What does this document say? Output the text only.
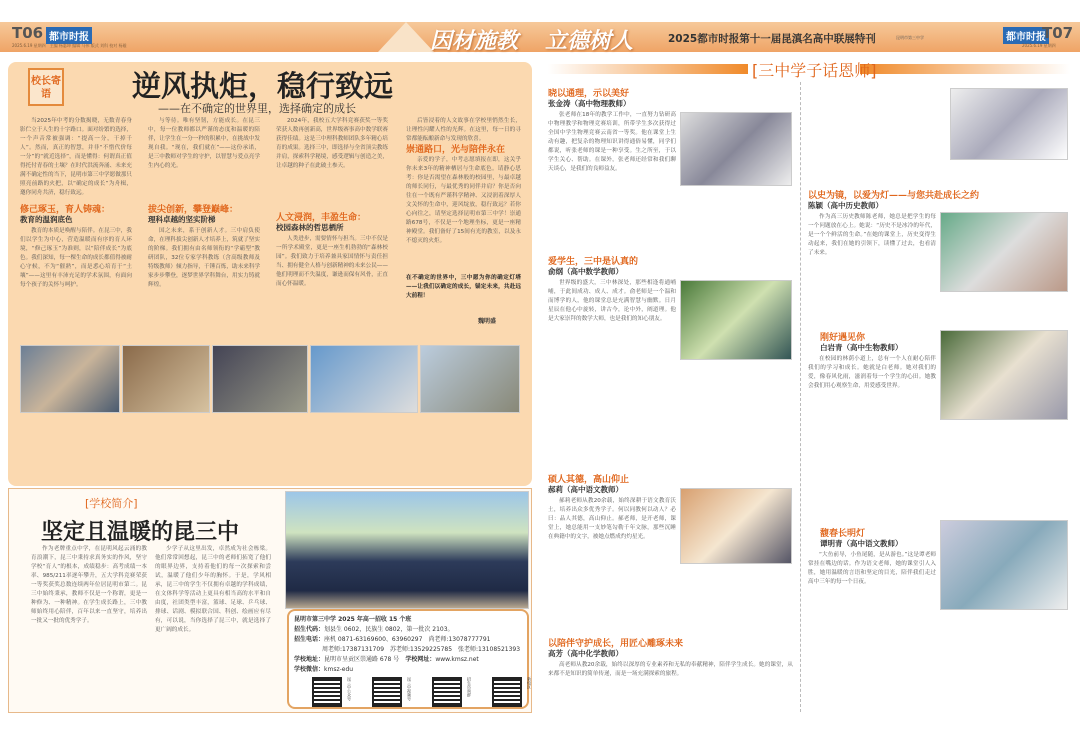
T06 都市时报
2025.6.19 星期四　 主编 杨惠坤 编辑 马伟 版式 刘科 校对 杨璇	因材施教 立德树人	2025都市时报第十一届昆滇名高中联展特刊	昆明市第三中学	都市时报
T07
2025.6.19 星期四
校长寄语	逆风执炬，稳行致远
——在不确定的世界里，选择确定的成长
当2025年中考的分数揭晓，无数青春身影伫立于人生的十字路口。面对纷繁的选择，一个声音常被强调：“提高一分，干掉千人”。然而，真正的智慧，并非“不惜代价每一分”的“就近选择”，而是懂得：何谓真正值得托付青春的土壤？在时代洪流奔涌、未来充满不确定性的当下，昆明市第三中学愿做那只照亮前路的火把，以“确定的成长”为舟楫，邀你同舟共济，稳行致远。
修己琢玉，育人铸魂：
教育的温润底色
教育的本质是唤醒与陪伴。在昆三中，我们以学生为中心，营造温暖而有序的育人环境，“修己琢玉”为准则，以“陪伴成长”为底色。我们深知，每一棵生命的成长都值得被耐心守候，不为“催熟”，而是悉心培育于“土壤”——这里有丰沛充足的学术氛围，有面向每个孩子的关怀与呵护。
与等待。唯有坚韧，方能成长。在昆三中，每一位教师都以严谨的态度和温暖的陪伴，让学生在一分一秒的积累中，在挑战中发现自我。“现在，我们就在”——这份承诺，是三中教师对学生的守护，以智慧与爱点亮学生内心的光。
拔尖创新，攀登巅峰：
理科卓越的坚实阶梯
国之未来，系于创新人才。三中肩负使命，在理科拔尖创新人才培养上，筑就了坚实的阶梯。我们拥有由名师领衔的“学霸型”教研团队，32位专家学科教练（含高级教师及特级教师）倾力指导，千锤百炼，助未来科学家步步攀登，逐梦世界学科舞台，用实力铸就辉煌。
2024年，我校五大学科竞赛获奖一等奖荣获人数再创新高，世界级赛事高中数学联赛获得佳绩。这是三中理科教师团队多年精心培育的成果。选择三中，即选择与全省顶尖教练并肩，探索科学秘境，感受逻辑与创造之美，让卓越的种子在此破土参天。
人文浸润，丰盈生命：
校园森林的哲思栖所
人类进步，需要情怀与担当。三中不仅是一所学术殿堂，更是一座生机勃勃的“森林校园”。我们致力于培养兼具家国情怀与责任担当、拥有健全人格与创新精神的未来公民——他们明理而不失温度，谦逊而保有风骨，正直而心怀温暖。
后皆浸着的人文故事在学校里悄然生长，让理性闪耀人性的光辉。在这里，每一日的寻常都能酝酿新命与发现的欣喜。
崇通路口，光与陪伴永在
亲爱的学子，中考志愿填报在即，这关乎你未来3年的精神栖居与生命底色。请静心思考：你是否渴望在森林般的校园里，与最卓越的师长同行，与最优秀的同伴并肩？你是否向往在一个既有严谨科学精神、又浸润着深厚人文关怀的生命中，迎风绽放，稳行致远？若你心向往之，请坚定选择昆明市第三中学！崇通路678号，不仅是一个地理坐标，更是一座精神殿堂。我们备好了15间有光的教室，以及永不熄灭的火炬。
在不确定的世界中，三中愿为你的确定灯塔——让我们以确定的成长，锚定未来，共赴远大前程！
魏明盛
[学校简介]
坚定且温暖的昆三中
作为老牌重点中学，在昆明风起云涌的教育浪潮下，昆三中秉持求真务实的作风，坚守学校“育人”的根本，成绩稳步：高考成绩一本率、985/211率逐年攀升，五大学科竞赛荣获一等奖获奖总数连续两年位居昆明市第二。昆三中始终秉承，教师不仅是一个称谓，更是一种修为、一种精神。在学生成长路上，三中教师始终用心陪伴，百年以来一直坚守，培养出一批又一批的优秀学子。
少学子从这里出发，卓然成为社会栋梁。他们常常回想起，昆三中的老师们拓宽了他们的眼界边界，支持着他们的每一次探索和尝试，温暖了他们少年的胸怀。于是，学风相承，昆三中的学生不仅拥有卓越的学科成绩，在文体科学等活动上更具有相当高的水平和自由度，社团类型丰富，篮球、足球、乒乓球、排球、话剧、模拟联合国、科创、绘画应有尽有，可以说，当你选择了昆三中，就是选择了更广阔的成长。
昆明市第三中学 2025 年高一招收 15 个班
招生代码：划县生 0602，民族生 0802，第一批次 2103。
招生电话：座机 0871-63169600、63960297　尚老师:13078777791
周老师:17387131709　苏老师:13529225785　张老师:13108521393
学校地址：昆明市呈贡区崇通路 678 号　 学校网址：www.kmsz.net
学校微信：kmsz-edu
昆三中公众号	昆三中视频号	招生咨询群	新校区
[三中学子话恩师]
晓以通理，示以美好
张金涛（高中物理教师）
张老师在18年的教学工作中，一直努力钻研高中物理教学和物理竞赛培训，所带学生多次获得过全国中学生物理竞赛云南省一等奖。他在课堂上生动有趣，把复杂的物理知识讲得通俗易懂，同学们都说，听张老师的课是一种享受。生之所至，于以学生关心、帮助。在课外，张老师还经常和我们聊天谈心，是我们的良师益友。
爱学生，三中是认真的
俞纲（高中数学教师）
世界级的盛大，三中林深处，那些相逢将通哺哺，于此间成功、成人、成才。俞老师是一个温和而博学的人，他的课堂总是充满智慧与幽默。日月星辰在他心中旋转，讲古今，论中外，阐道理。他是大家崇拜的数学大师，也是我们的知心朋友。
硕人其德，高山仰止
郝莉（高中语文教师）
郝莉老师从教20余载，始终深耕于语文教育沃土，培养出众多优秀学子。何以同教何以动人？必曰：品人其德，高山仰止。郝老师，是开老师，课堂上，她总能用一支妙笔勾勒千年文脉，那些沉睡在典籍中的文字，被她点燃成灼灼星光。
以陪伴守护成长，用匠心雕琢未来
高芳（高中化学教师）
高老师从教20余载，始终以深厚的专业素养和无私的奉献精神，陪伴学生成长。她的课堂，从来都不是知识的简单传递，而是一场充满探索的旅程。
以史为镜，以爱为灯——与您共赴成长之约
陈颖（高中历史教师）
作为高三历史教师陈老师，她总是把学生的每一个问题放在心上。她说：“历史不是冰冷的年代，是一个个鲜活的生命。”在她的课堂上，历史变得生动起来，我们在她的引领下，读懂了过去，也看清了未来。
刚好遇见你
白岩青（高中生物教师）
在校园的林荫小道上，总有一个人在耐心陪伴我们的学习和成长。她就是白老师。她对我们的爱，像春风化雨，滋润着每一个学生的心田。她教会我们用心观察生命，用爱感受世界。
馥春长明灯
谭明青（高中语文教师）
“大鱼前导，小鱼尾随，是从游也。”这是谭老师常挂在嘴边的话。作为语文老师，她的课堂引人入胜，她用温暖的言语和坚定的目光，陪伴我们走过高中三年的每一个日夜。
